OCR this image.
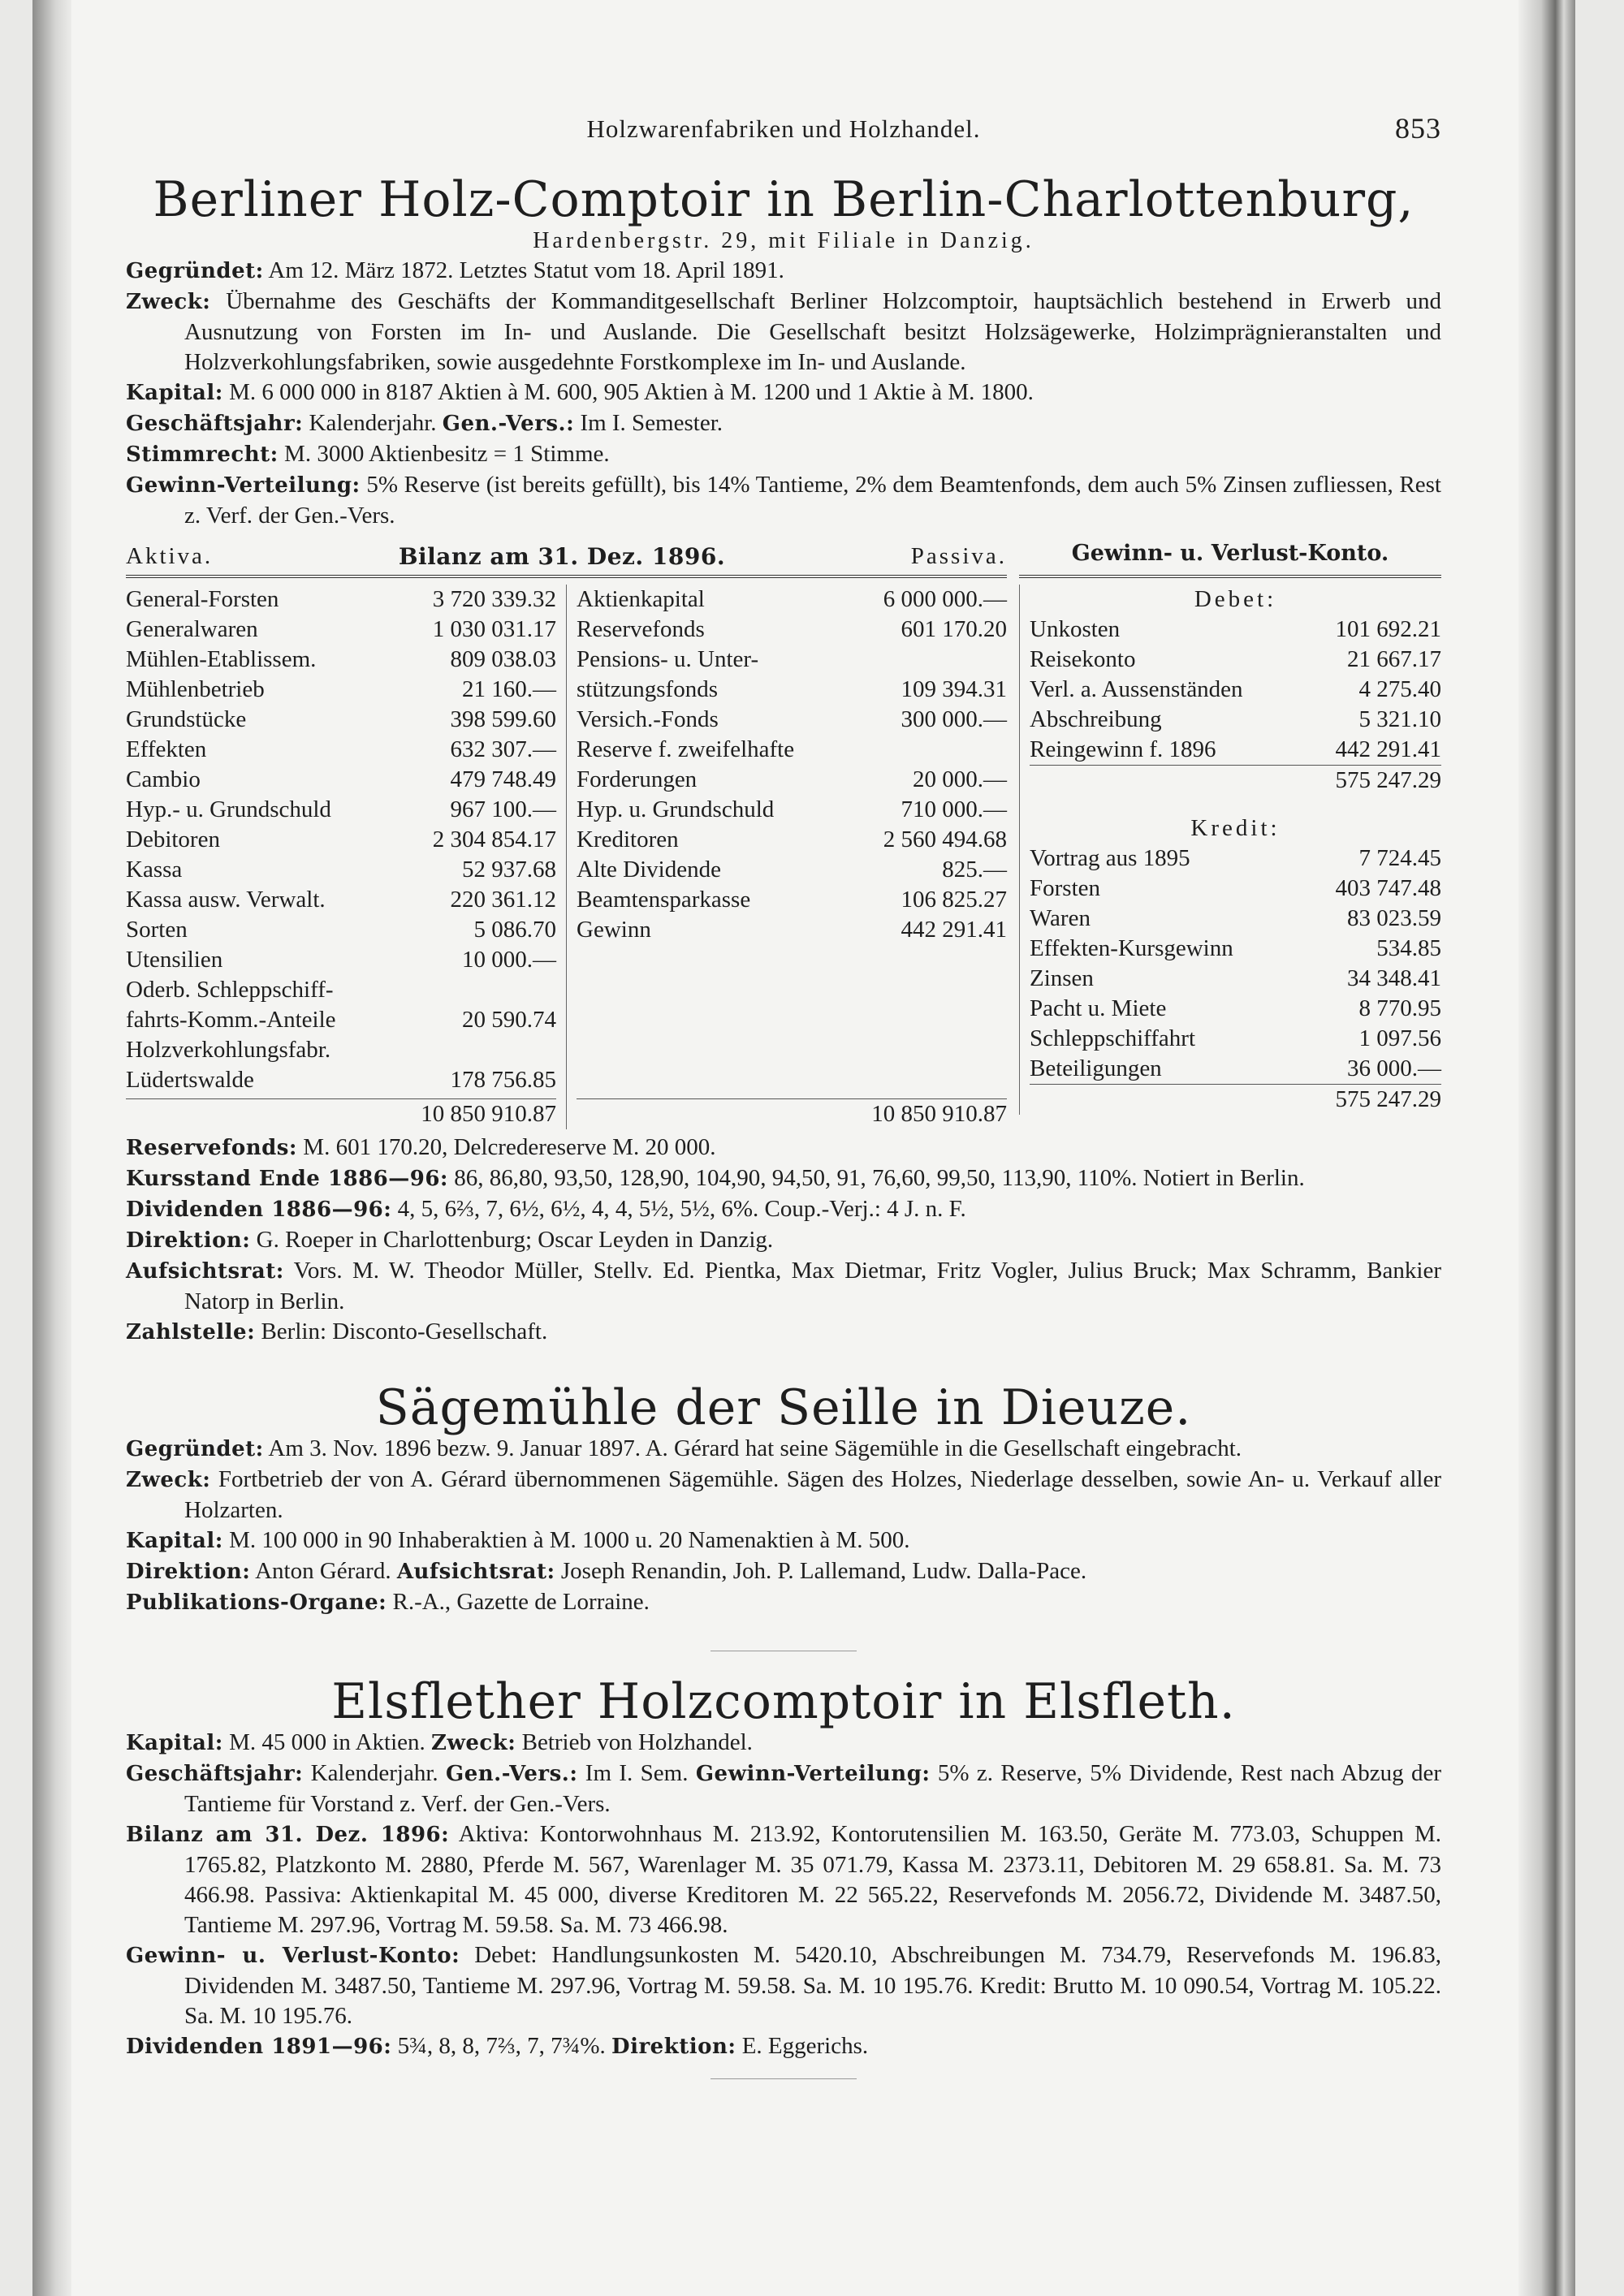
Holzwarenfabriken und Holzhandel.	853
Berliner Holz-Comptoir in Berlin-Charlottenburg,
Hardenbergstr. 29, mit Filiale in Danzig.

Gegründet: Am 12. März 1872. Letztes Statut vom 18. April 1891.

Zweck: Übernahme des Geschäfts der Kommanditgesellschaft Berliner Holzcomptoir, hauptsächlich bestehend in Erwerb und Ausnutzung von Forsten im In- und Auslande. Die Gesellschaft besitzt Holzsägewerke, Holzimprägnieranstalten und Holzverkohlungsfabriken, sowie ausgedehnte Forstkomplexe im In- und Auslande.

Kapital: M. 6 000 000 in 8187 Aktien à M. 600, 905 Aktien à M. 1200 und 1 Aktie à M. 1800.

Geschäftsjahr: Kalenderjahr. Gen.-Vers.: Im I. Semester.

Stimmrecht: M. 3000 Aktienbesitz = 1 Stimme.

Gewinn-Verteilung: 5% Reserve (ist bereits gefüllt), bis 14% Tantieme, 2% dem Beamtenfonds, dem auch 5% Zinsen zufliessen, Rest z. Verf. der Gen.-Vers.

Aktiva.	Bilanz am 31. Dez. 1896.	Passiva.
General-Forsten	3 720 339.32
Generalwaren	1 030 031.17
Mühlen-Etablissem.	809 038.03
Mühlenbetrieb	21 160.—
Grundstücke	398 599.60
Effekten	632 307.—
Cambio	479 748.49
Hyp.- u. Grundschuld	967 100.—
Debitoren	2 304 854.17
Kassa	52 937.68
Kassa ausw. Verwalt.	220 361.12
Sorten	5 086.70
Utensilien	10 000.—
Oderb. Schleppschiff-
fahrts-Komm.-Anteile	20 590.74
Holzverkohlungsfabr.
Lüdertswalde	178 756.85
10 850 910.87
Aktienkapital	6 000 000.—
Reservefonds	601 170.20
Pensions- u. Unter-
stützungsfonds	109 394.31
Versich.-Fonds	300 000.—
Reserve f. zweifelhafte
Forderungen	20 000.—
Hyp. u. Grundschuld	710 000.—
Kreditoren	2 560 494.68
Alte Dividende	825.—
Beamtensparkasse	106 825.27
Gewinn	442 291.41
10 850 910.87
Gewinn- u. Verlust-Konto.
Debet:
Unkosten	101 692.21
Reisekonto	21 667.17
Verl. a. Aussenständen	4 275.40
Abschreibung	5 321.10
Reingewinn f. 1896	442 291.41
575 247.29
Kredit:
Vortrag aus 1895	7 724.45
Forsten	403 747.48
Waren	83 023.59
Effekten-Kursgewinn	534.85
Zinsen	34 348.41
Pacht u. Miete	8 770.95
Schleppschiffahrt	1 097.56
Beteiligungen	36 000.—
575 247.29

Reservefonds: M. 601 170.20, Delcredereserve M. 20 000.

Kursstand Ende 1886—96: 86, 86,80, 93,50, 128,90, 104,90, 94,50, 91, 76,60, 99,50, 113,90, 110%. Notiert in Berlin.

Dividenden 1886—96: 4, 5, 6⅔, 7, 6½, 6½, 4, 4, 5½, 5½, 6%. Coup.-Verj.: 4 J. n. F.

Direktion: G. Roeper in Charlottenburg; Oscar Leyden in Danzig.

Aufsichtsrat: Vors. M. W. Theodor Müller, Stellv. Ed. Pientka, Max Dietmar, Fritz Vogler, Julius Bruck; Max Schramm, Bankier Natorp in Berlin.

Zahlstelle: Berlin: Disconto-Gesellschaft.

Sägemühle der Seille in Dieuze.

Gegründet: Am 3. Nov. 1896 bezw. 9. Januar 1897. A. Gérard hat seine Sägemühle in die Gesellschaft eingebracht.

Zweck: Fortbetrieb der von A. Gérard übernommenen Sägemühle. Sägen des Holzes, Niederlage desselben, sowie An- u. Verkauf aller Holzarten.

Kapital: M. 100 000 in 90 Inhaberaktien à M. 1000 u. 20 Namenaktien à M. 500.

Direktion: Anton Gérard. Aufsichtsrat: Joseph Renandin, Joh. P. Lallemand, Ludw. Dalla-Pace.

Publikations-Organe: R.-A., Gazette de Lorraine.

Elsflether Holzcomptoir in Elsfleth.

Kapital: M. 45 000 in Aktien. Zweck: Betrieb von Holzhandel.

Geschäftsjahr: Kalenderjahr. Gen.-Vers.: Im I. Sem. Gewinn-Verteilung: 5% z. Reserve, 5% Dividende, Rest nach Abzug der Tantieme für Vorstand z. Verf. der Gen.-Vers.

Bilanz am 31. Dez. 1896: Aktiva: Kontorwohnhaus M. 213.92, Kontorutensilien M. 163.50, Geräte M. 773.03, Schuppen M. 1765.82, Platzkonto M. 2880, Pferde M. 567, Warenlager M. 35 071.79, Kassa M. 2373.11, Debitoren M. 29 658.81. Sa. M. 73 466.98. Passiva: Aktienkapital M. 45 000, diverse Kreditoren M. 22 565.22, Reservefonds M. 2056.72, Dividende M. 3487.50, Tantieme M. 297.96, Vortrag M. 59.58. Sa. M. 73 466.98.

Gewinn- u. Verlust-Konto: Debet: Handlungsunkosten M. 5420.10, Abschreibungen M. 734.79, Reservefonds M. 196.83, Dividenden M. 3487.50, Tantieme M. 297.96, Vortrag M. 59.58. Sa. M. 10 195.76. Kredit: Brutto M. 10 090.54, Vortrag M. 105.22. Sa. M. 10 195.76.

Dividenden 1891—96: 5¾, 8, 8, 7⅔, 7, 7¾%. Direktion: E. Eggerichs.
